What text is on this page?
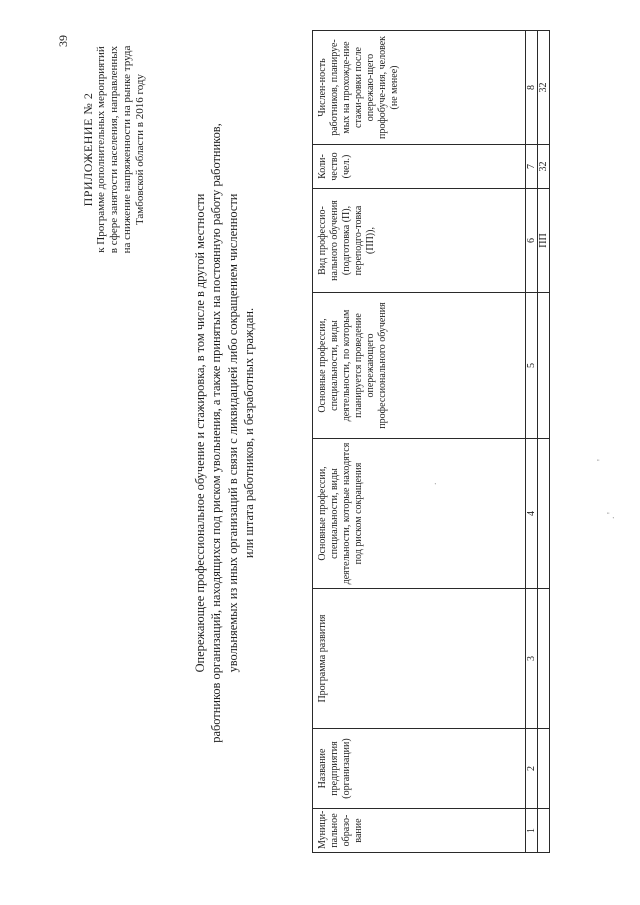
39
ПРИЛОЖЕНИЕ № 2 к Программе дополнительных мероприятий в сфере занятости населения, направленных на снижение напряженности на рынке труда Тамбовской области в 2016 году
Опережающее профессиональное обучение и стажировка, в том числе в другой местности работников организаций, находящихся под риском увольнения, а также принятых на постоянную работу работников, увольняемых из иных организаций в связи с ликвидацией либо сокращением численности или штата работников, и безработных граждан.
Муници-пальное образо-вание	Название предприятия (организации)	Программа развития	Основные профессии, специальности, виды деятельности, которые находятся под риском сокращения	Основные профессии, специальности, виды деятельности, по которым планируется проведение опережающего профессионального обучения	Вид профессио-нального обучения (подготовка (П), переподго-товка (ПП)),	Коли-чество (чел.)	Числен-ность работников, планируе-мых на прохожде-ние стажи-ровки после опережаю-щего профобуче-ния, человек (не менее)
1	2	3	4	5	6	7	8
					ПП	32	32
.
. '
'
